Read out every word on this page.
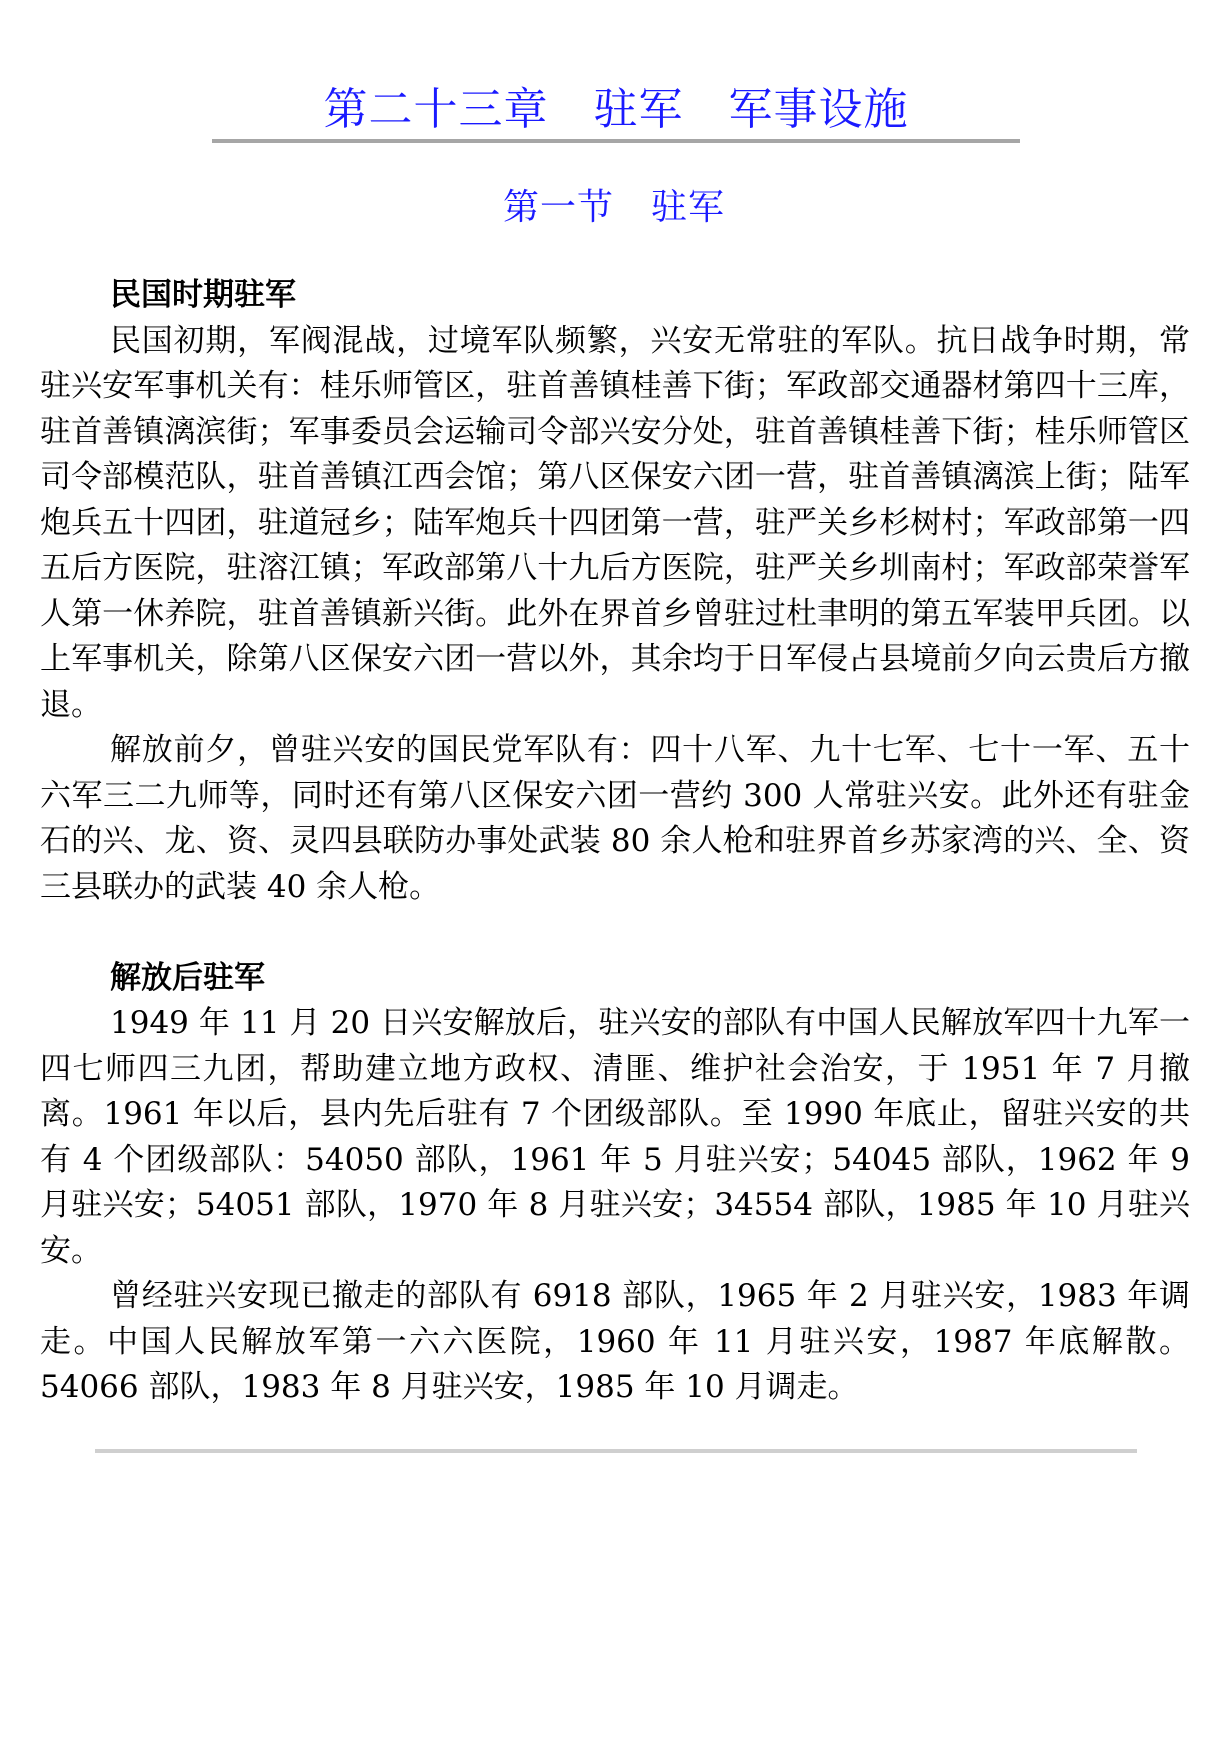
第二十三章　驻军　军事设施
第一节　驻军

民国时期驻军

民国初期，军阀混战，过境军队频繁，兴安无常驻的军队。抗日战争时期，常驻兴安军事机关有：桂乐师管区，驻首善镇桂善下街；军政部交通器材第四十三库，驻首善镇漓滨街；军事委员会运输司令部兴安分处，驻首善镇桂善下街；桂乐师管区司令部模范队，驻首善镇江西会馆；第八区保安六团一营，驻首善镇漓滨上街；陆军炮兵五十四团，驻道冠乡；陆军炮兵十四团第一营，驻严关乡杉树村；军政部第一四五后方医院，驻溶江镇；军政部第八十九后方医院，驻严关乡圳南村；军政部荣誉军人第一休养院，驻首善镇新兴街。此外在界首乡曾驻过杜聿明的第五军装甲兵团。以上军事机关，除第八区保安六团一营以外，其余均于日军侵占县境前夕向云贵后方撤退。

解放前夕，曾驻兴安的国民党军队有：四十八军、九十七军、七十一军、五十六军三二九师等，同时还有第八区保安六团一营约 300 人常驻兴安。此外还有驻金石的兴、龙、资、灵四县联防办事处武装 80 余人枪和驻界首乡苏家湾的兴、全、资三县联办的武装 40 余人枪。

解放后驻军

1949 年 11 月 20 日兴安解放后，驻兴安的部队有中国人民解放军四十九军一四七师四三九团，帮助建立地方政权、清匪、维护社会治安，于 1951 年 7 月撤离。1961 年以后，县内先后驻有 7 个团级部队。至 1990 年底止，留驻兴安的共有 4 个团级部队：54050 部队，1961 年 5 月驻兴安；54045 部队，1962 年 9 月驻兴安；54051 部队，1970 年 8 月驻兴安；34554 部队，1985 年 10 月驻兴安。

曾经驻兴安现已撤走的部队有 6918 部队，1965 年 2 月驻兴安，1983 年调走。中国人民解放军第一六六医院，1960 年 11 月驻兴安，1987 年底解散。54066 部队，1983 年 8 月驻兴安，1985 年 10 月调走。
